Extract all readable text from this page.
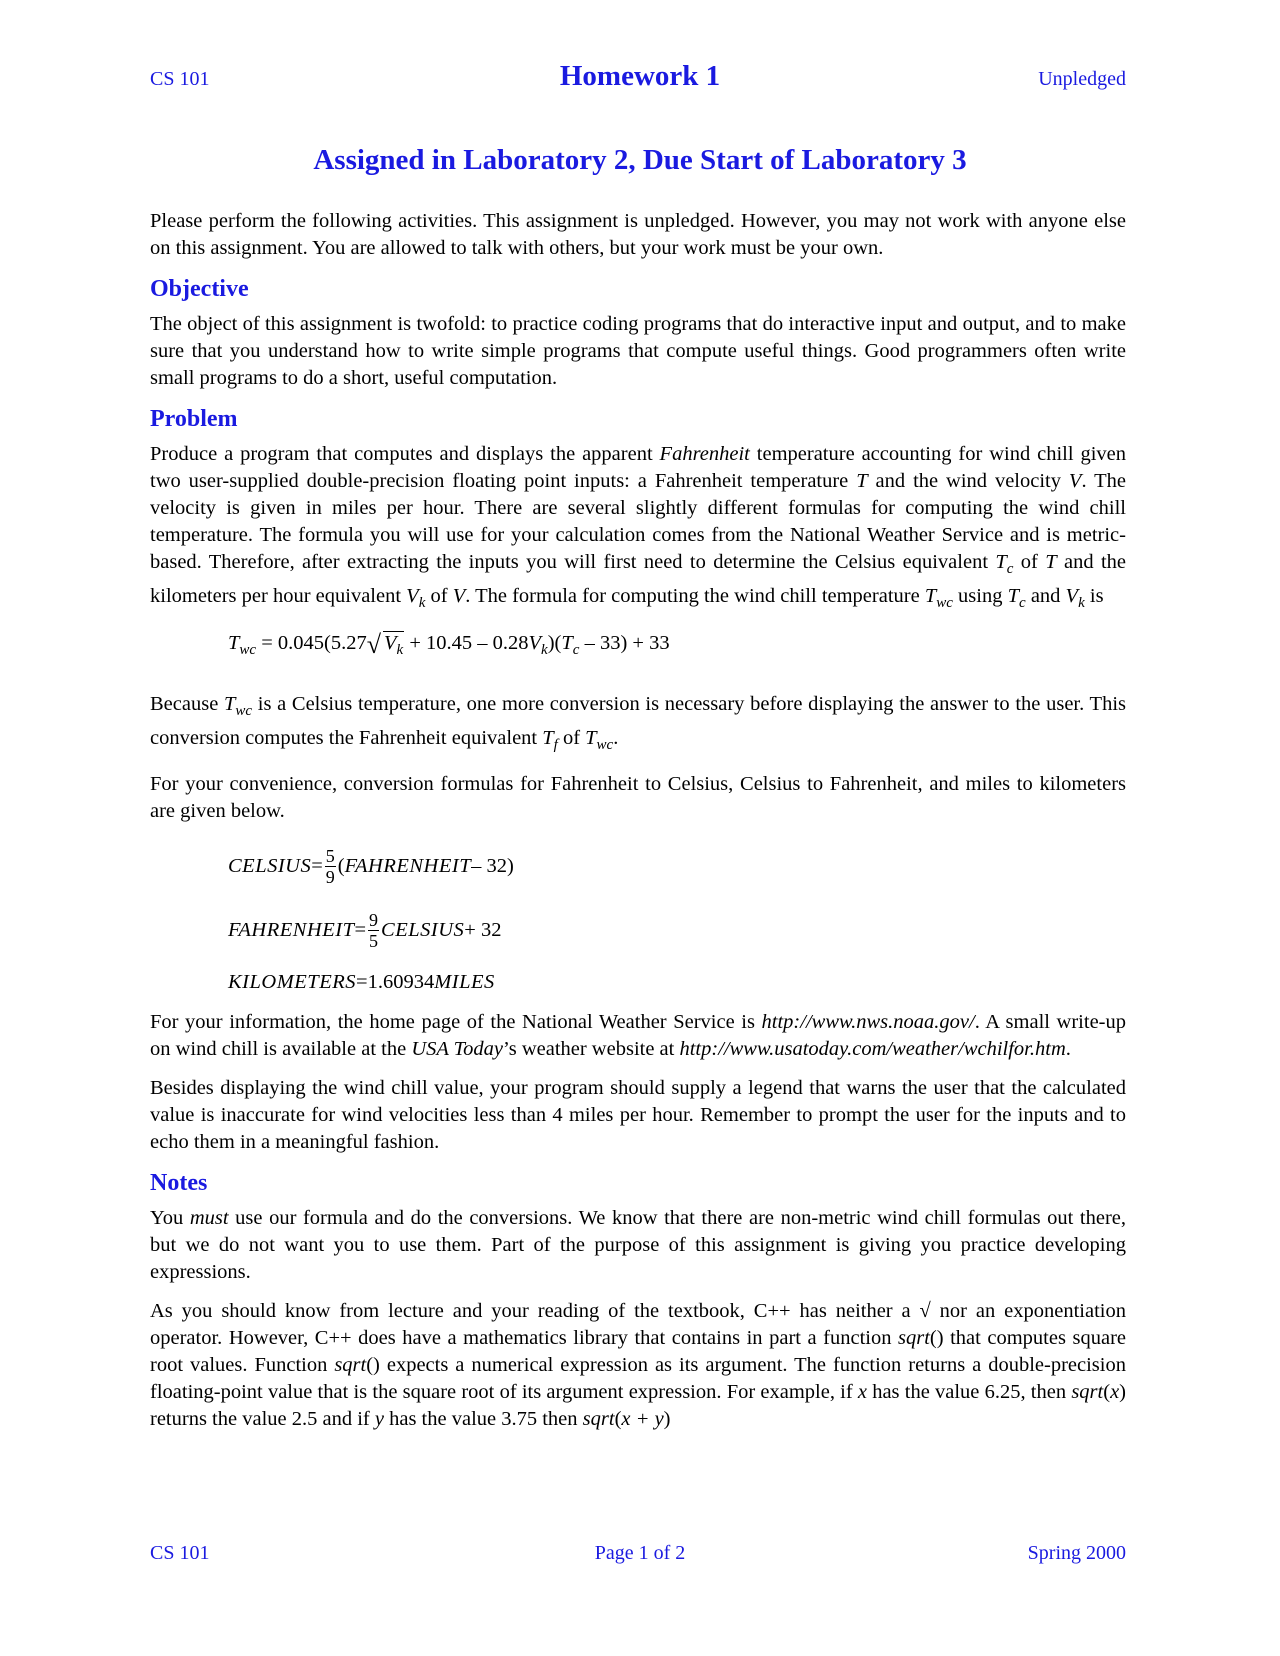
CS 101	Homework 1	Unpledged
Assigned in Laboratory 2, Due Start of Laboratory 3

Please perform the following activities. This assignment is unpledged. However, you may not work with anyone else on this assignment. You are allowed to talk with others, but your work must be your own.

Objective

The object of this assignment is twofold: to practice coding programs that do interactive input and output, and to make sure that you understand how to write simple programs that compute useful things. Good programmers often write small programs to do a short, useful computation.

Problem

Produce a program that computes and displays the apparent Fahrenheit temperature accounting for wind chill given two user-supplied double-precision floating point inputs: a Fahrenheit temperature T and the wind velocity V. The velocity is given in miles per hour. There are several slightly different formulas for computing the wind chill temperature. The formula you will use for your calculation comes from the National Weather Service and is metric-based. Therefore, after extracting the inputs you will first need to determine the Celsius equivalent $T_c$ of T and the kilometers per hour equivalent $V_k$ of V. The formula for computing the wind chill temperature $T_{wc}$ using $T_c$ and $V_k$ is

$T_{wc} = 0.045(5.27√$ $V_k + 10.45 - 0.28V_k)(T_c - 33) + 33$

Because $T_{wc}$ is a Celsius temperature, one more conversion is necessary before displaying the answer to the user. This conversion computes the Fahrenheit equivalent $T_f$ of $T_{wc}$.

For your convenience, conversion formulas for Fahrenheit to Celsius, Celsius to Fahrenheit, and miles to kilometers are given below.

CELSIUS = $\frac{5}{9}$ ( FAHRENHEIT – 32)
FAHRENHEIT = $\frac{9}{5}$ CELSIUS + 32
KILOMETERS = 1.60934 MILES

For your information, the home page of the National Weather Service is http://www.nws.noaa.gov/. A small write-up on wind chill is available at the USA Today’s weather website at http://www.usatoday.com/weather/wchilfor.htm.

Besides displaying the wind chill value, your program should supply a legend that warns the user that the calculated value is inaccurate for wind velocities less than 4 miles per hour. Remember to prompt the user for the inputs and to echo them in a meaningful fashion.

Notes

You must use our formula and do the conversions. We know that there are non-metric wind chill formulas out there, but we do not want you to use them. Part of the purpose of this assignment is giving you practice developing expressions.

As you should know from lecture and your reading of the textbook, C++ has neither a √ nor an exponentiation operator. However, C++ does have a mathematics library that contains in part a function sqrt() that computes square root values. Function sqrt() expects a numerical expression as its argument. The function returns a double-precision floating-point value that is the square root of its argument expression. For example, if x has the value 6.25, then sqrt(x) returns the value 2.5 and if y has the value 3.75 then sqrt(x + y)

CS 101	Page 1 of 2	Spring 2000
